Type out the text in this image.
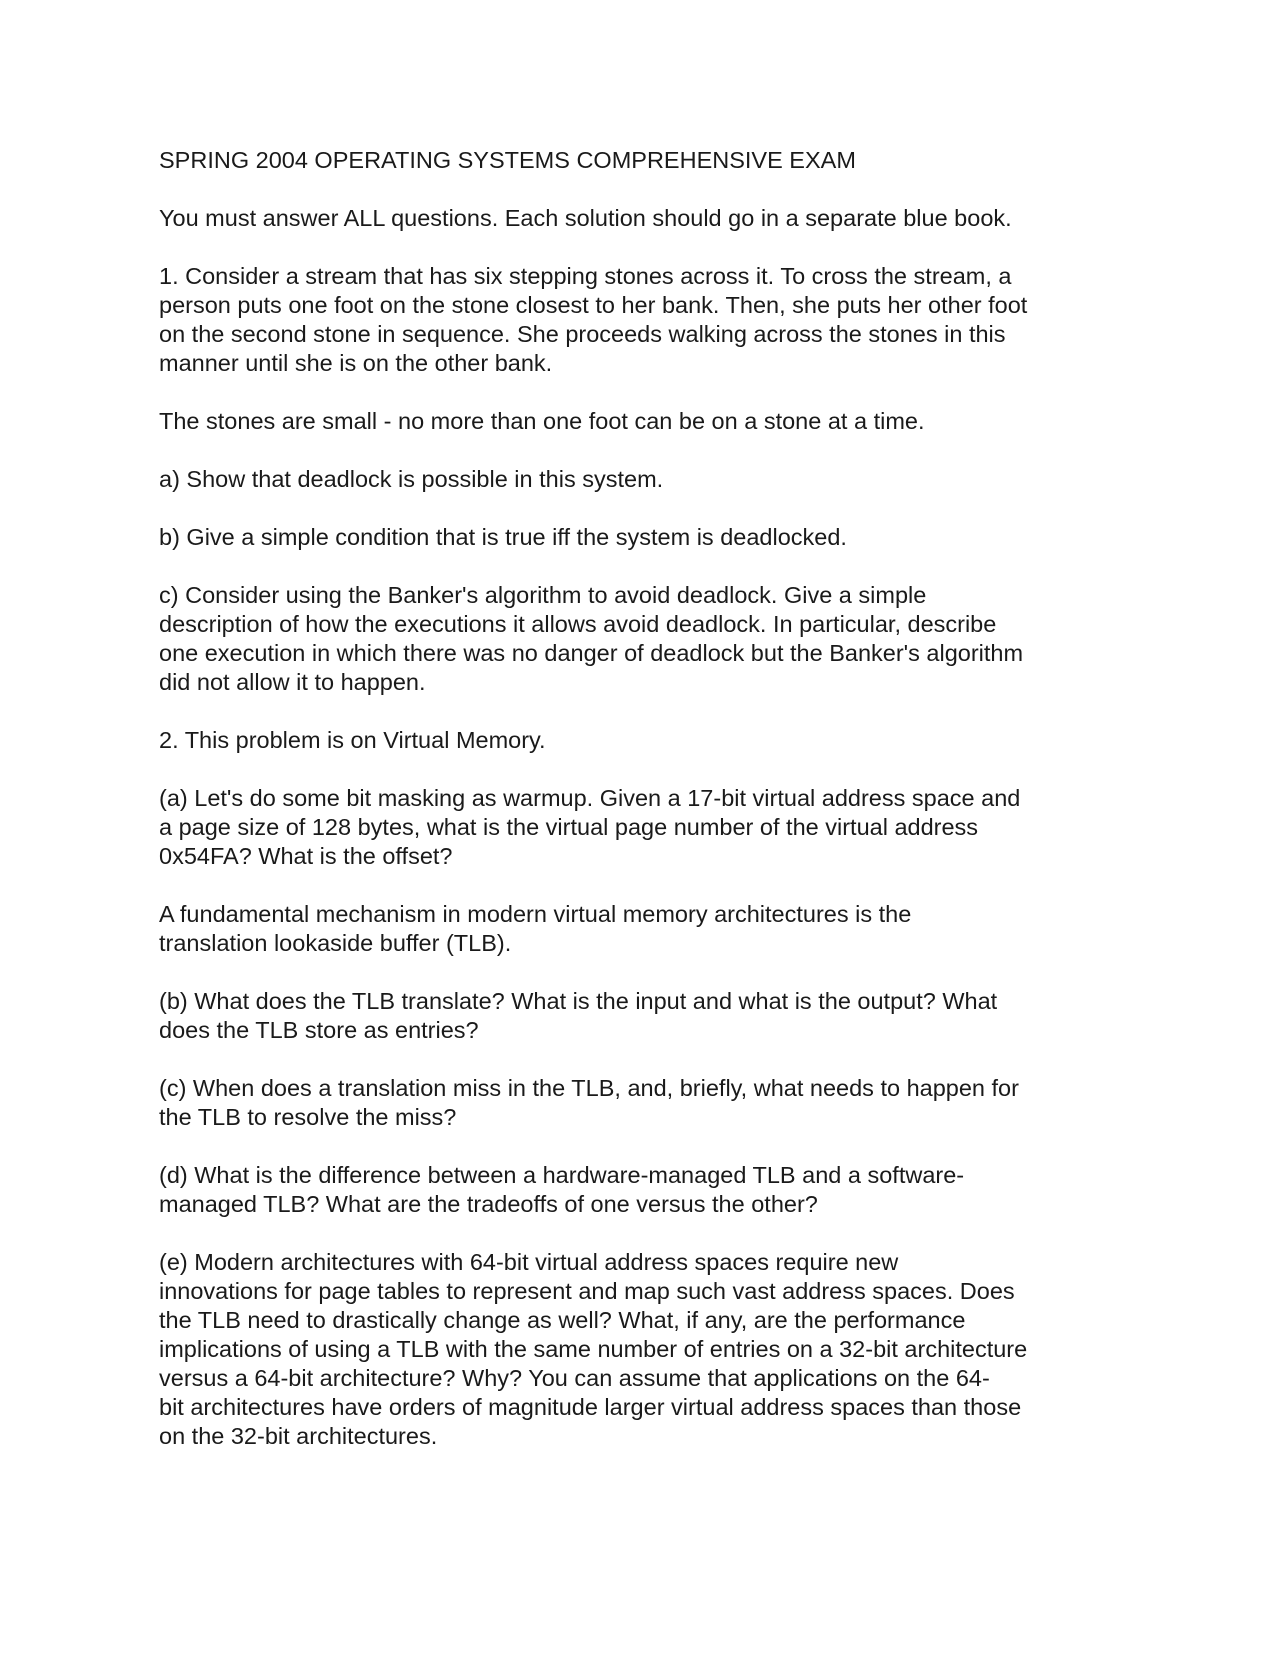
SPRING 2004 OPERATING SYSTEMS COMPREHENSIVE EXAM
You must answer ALL questions. Each solution should go in a separate blue book.
1. Consider a stream that has six stepping stones across it. To cross the stream, a
person puts one foot on the stone closest to her bank. Then, she puts her other foot
on the second stone in sequence. She proceeds walking across the stones in this
manner until she is on the other bank.
The stones are small - no more than one foot can be on a stone at a time.
a) Show that deadlock is possible in this system.
b) Give a simple condition that is true iff the system is deadlocked.
c) Consider using the Banker's algorithm to avoid deadlock. Give a simple
description of how the executions it allows avoid deadlock. In particular, describe
one execution in which there was no danger of deadlock but the Banker's algorithm
did not allow it to happen.
2. This problem is on Virtual Memory.
(a) Let's do some bit masking as warmup. Given a 17-bit virtual address space and
a page size of 128 bytes, what is the virtual page number of the virtual address
0x54FA? What is the offset?
A fundamental mechanism in modern virtual memory architectures is the
translation lookaside buffer (TLB).
(b) What does the TLB translate? What is the input and what is the output? What
does the TLB store as entries?
(c) When does a translation miss in the TLB, and, briefly, what needs to happen for
the TLB to resolve the miss?
(d) What is the difference between a hardware-managed TLB and a software-
managed TLB? What are the tradeoffs of one versus the other?
(e) Modern architectures with 64-bit virtual address spaces require new
innovations for page tables to represent and map such vast address spaces. Does
the TLB need to drastically change as well? What, if any, are the performance
implications of using a TLB with the same number of entries on a 32-bit architecture
versus a 64-bit architecture? Why? You can assume that applications on the 64-
bit architectures have orders of magnitude larger virtual address spaces than those
on the 32-bit architectures.
